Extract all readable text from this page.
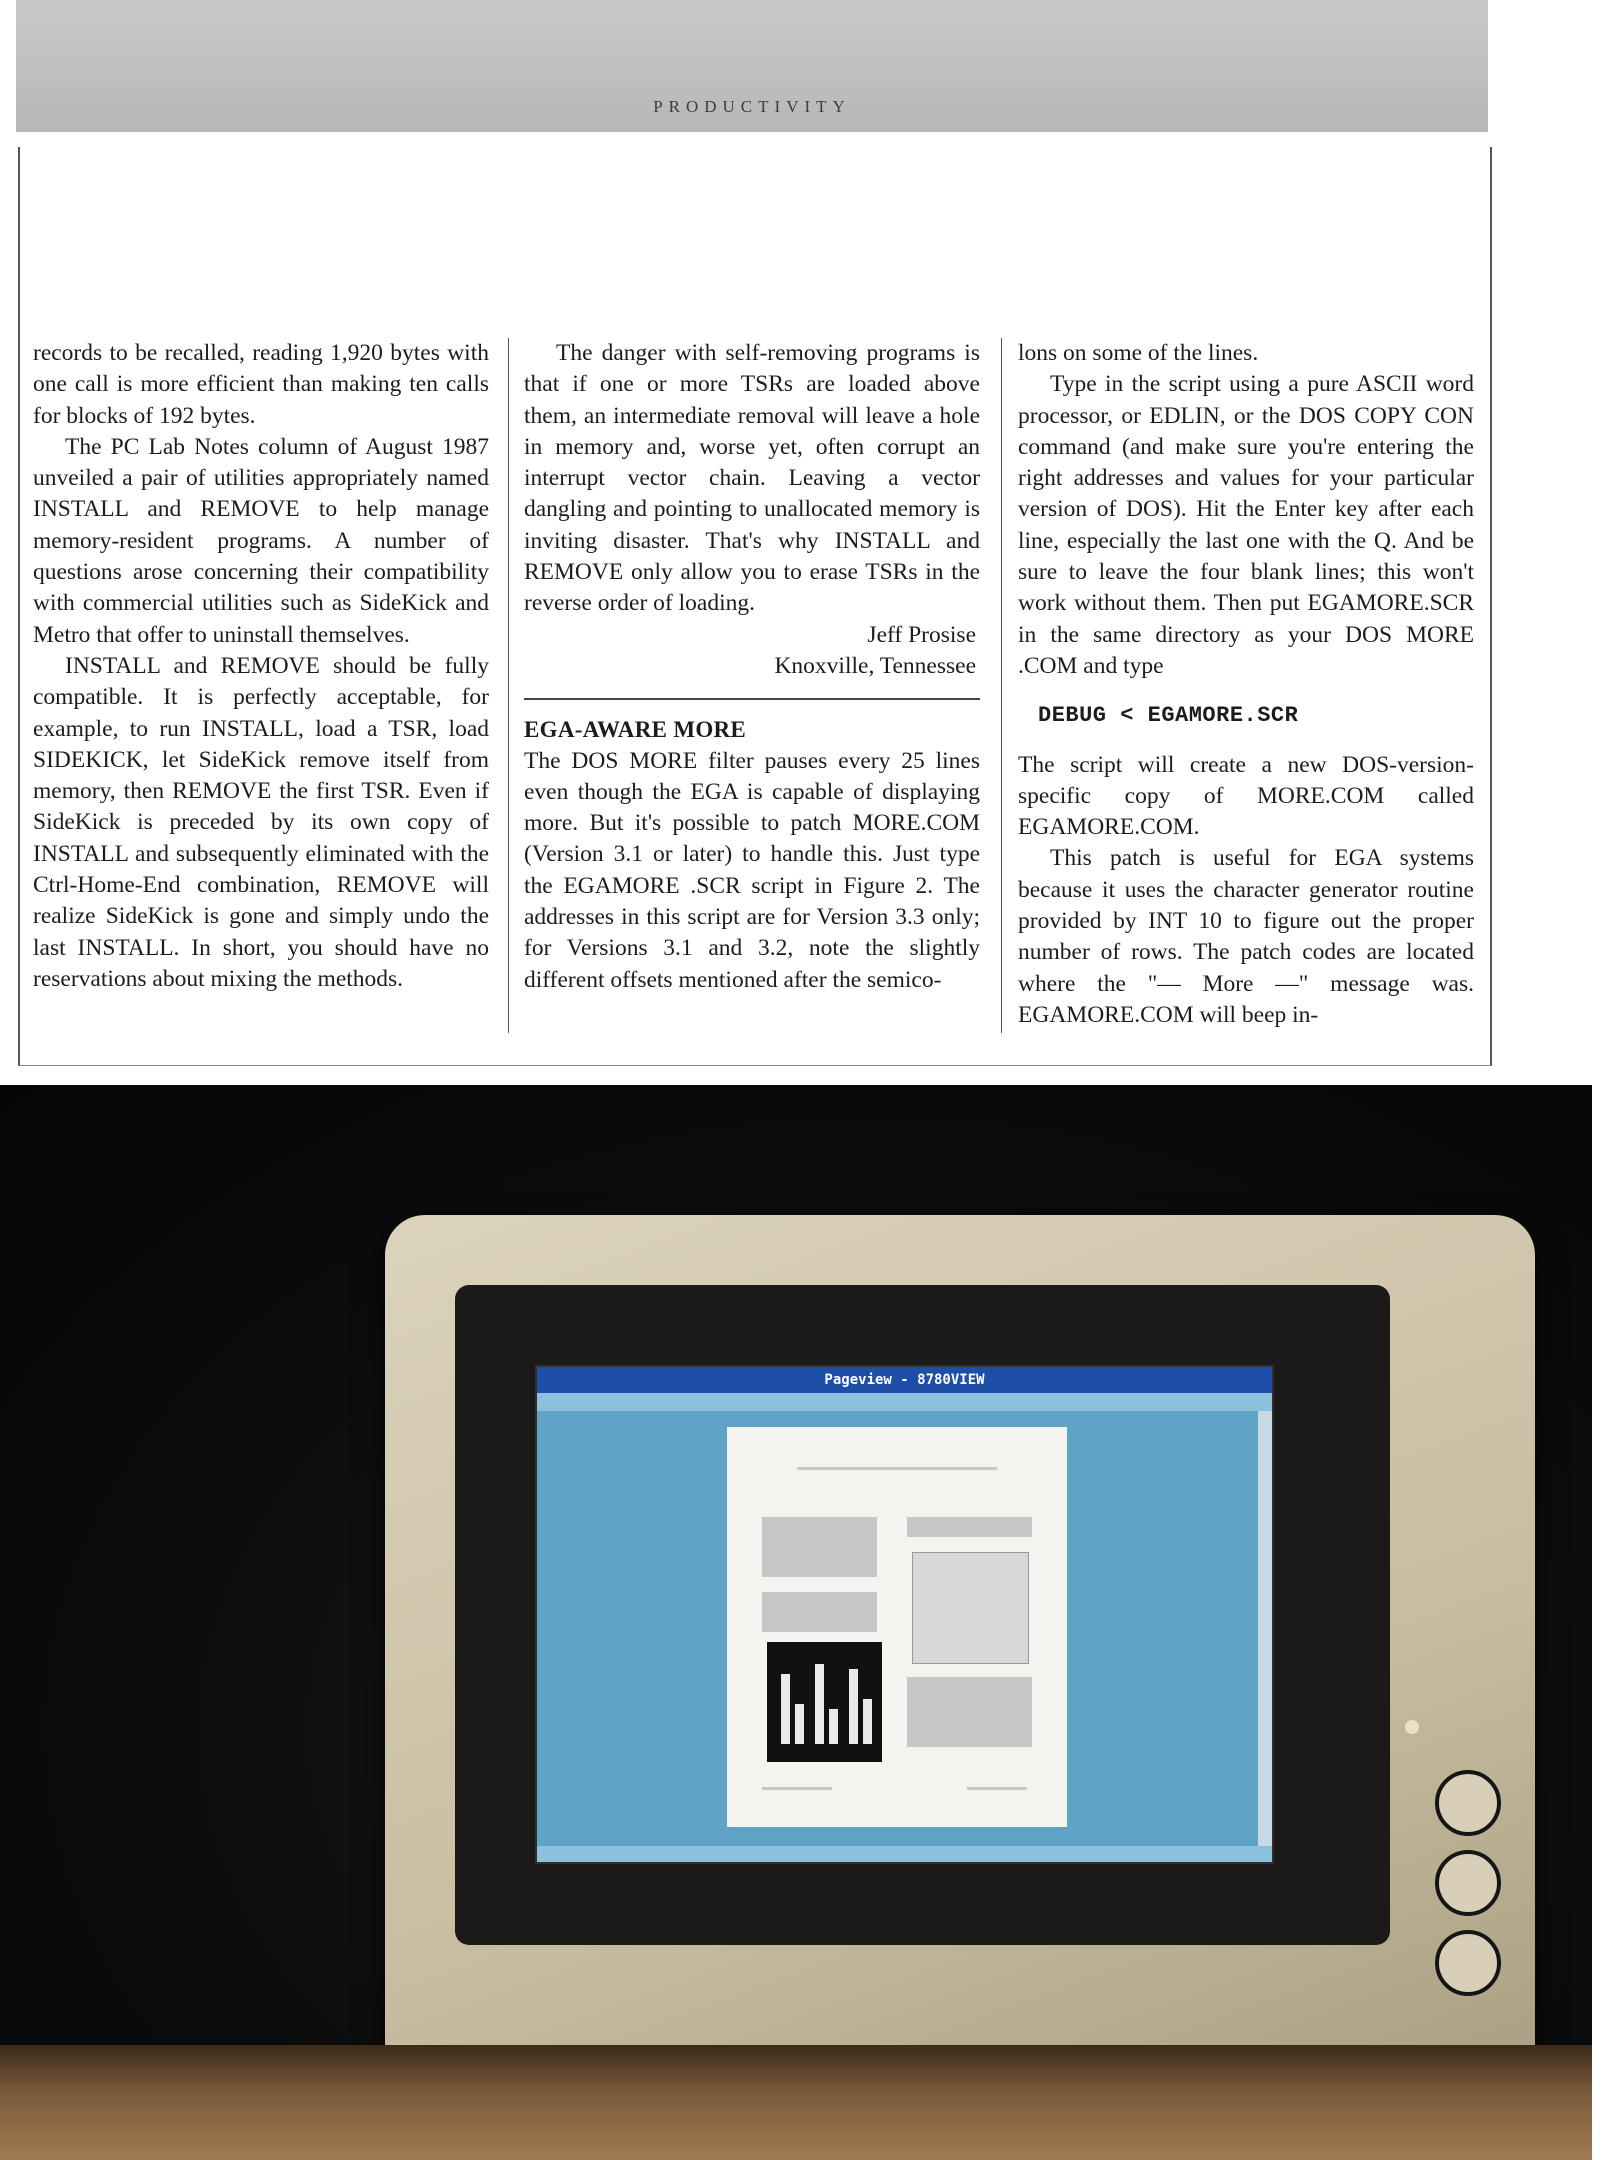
PRODUCTIVITY

records to be recalled, reading 1,920 bytes with one call is more efficient than making ten calls for blocks of 192 bytes.

The PC Lab Notes column of August 1987 unveiled a pair of utilities appropriately named INSTALL and REMOVE to help manage memory-resident programs. A number of questions arose concerning their compatibility with commercial utilities such as SideKick and Metro that offer to uninstall themselves.

INSTALL and REMOVE should be fully compatible. It is perfectly acceptable, for example, to run INSTALL, load a TSR, load SIDEKICK, let SideKick remove itself from memory, then REMOVE the first TSR. Even if SideKick is preceded by its own copy of INSTALL and subsequently eliminated with the Ctrl-Home-End combination, REMOVE will realize SideKick is gone and simply undo the last INSTALL. In short, you should have no reservations about mixing the methods.

The danger with self-removing programs is that if one or more TSRs are loaded above them, an intermediate removal will leave a hole in memory and, worse yet, often corrupt an interrupt vector chain. Leaving a vector dangling and pointing to unallocated memory is inviting disaster. That's why INSTALL and REMOVE only allow you to erase TSRs in the reverse order of loading.

Jeff Prosise

Knoxville, Tennessee

EGA-AWARE MORE

The DOS MORE filter pauses every 25 lines even though the EGA is capable of displaying more. But it's possible to patch MORE.COM (Version 3.1 or later) to handle this. Just type the EGAMORE .SCR script in Figure 2. The addresses in this script are for Version 3.3 only; for Versions 3.1 and 3.2, note the slightly different offsets mentioned after the semico-

lons on some of the lines.

Type in the script using a pure ASCII word processor, or EDLIN, or the DOS COPY CON command (and make sure you're entering the right addresses and values for your particular version of DOS). Hit the Enter key after each line, especially the last one with the Q. And be sure to leave the four blank lines; this won't work without them. Then put EGAMORE.SCR in the same directory as your DOS MORE .COM and type

DEBUG < EGAMORE.SCR

The script will create a new DOS-version-specific copy of MORE.COM called EGAMORE.COM.

This patch is useful for EGA systems because it uses the character generator routine provided by INT 10 to figure out the proper number of rows. The patch codes are located where the "— More —" message was. EGAMORE.COM will beep in-

Pageview - 8780VIEW
